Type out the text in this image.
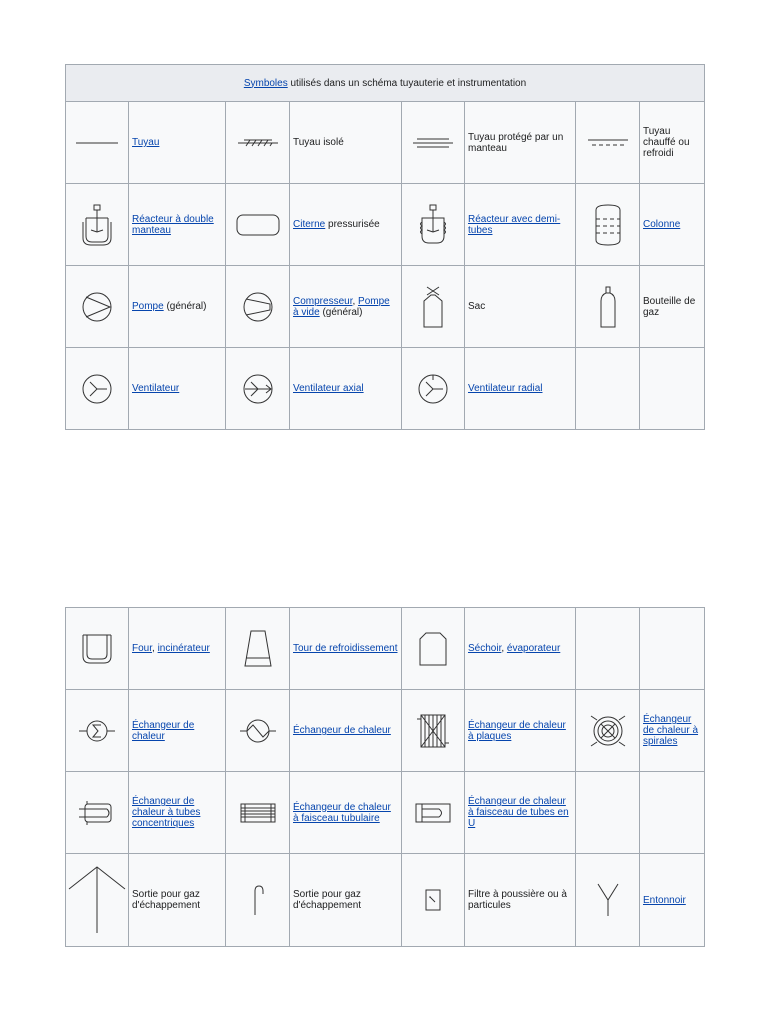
Symboles utilisés dans un schéma tuyauterie et instrumentation							

	Tuyau		Tuyau isolé		Tuyau protégé par un manteau		Tuyau chauffé ou refroidi

	Réacteur à double manteau		Citerne pressurisée		Réacteur avec demi-tubes		Colonne

	Pompe (général)		Compresseur, Pompe à vide (général)		Sac		Bouteille de gaz

	Ventilateur		Ventilateur axial		Ventilateur radial		
	Four, incinérateur		Tour de refroidissement		Séchoir, évaporateur		

	Échangeur de chaleur		Échangeur de chaleur		Échangeur de chaleur à plaques		Échangeur de chaleur à spirales

	Échangeur de chaleur à tubes concentriques		Échangeur de chaleur à faisceau tubulaire		Échangeur de chaleur à faisceau de tubes en U		

	Sortie pour gaz d'échappement		Sortie pour gaz d'échappement		Filtre à poussière ou à particules		Entonnoir
